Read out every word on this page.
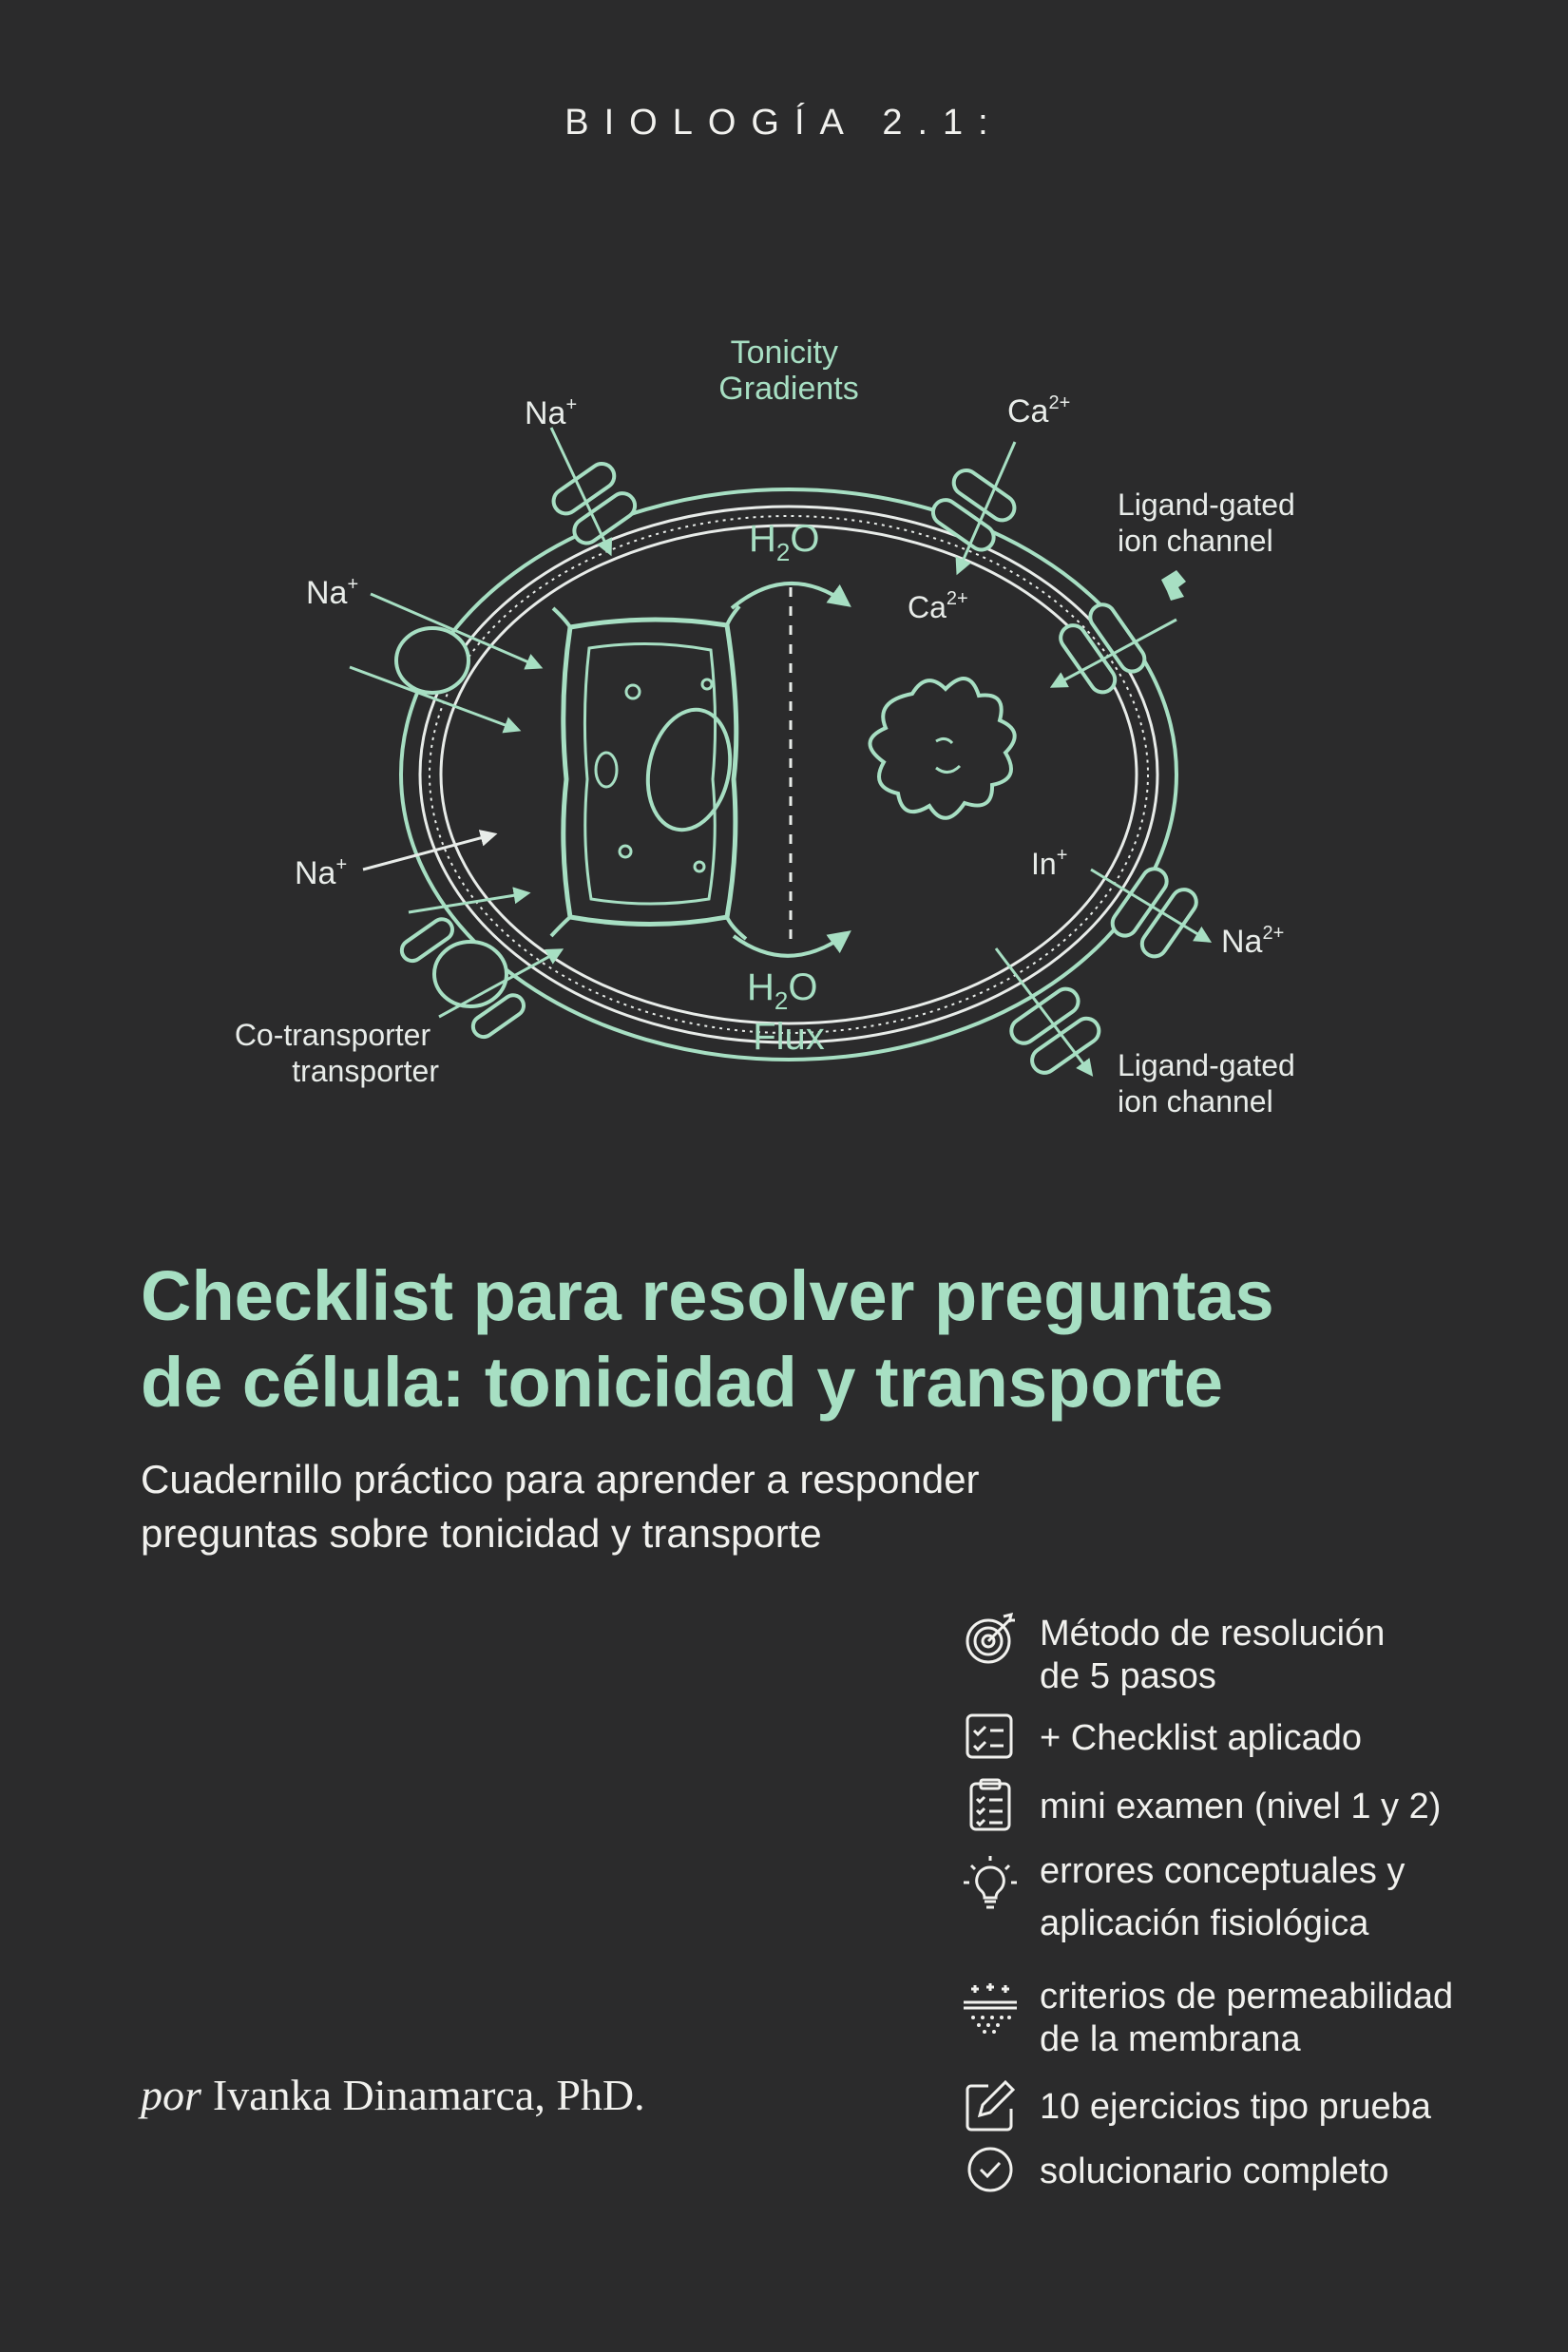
BIOLOGÍA 2.1:
Tonicity Gradients
Na+	$Ca^{2+}$
Ligand-gated ion channel
Na+
$Ca^{2+}$
$H_2O$
Na+	In+
$Na^{2+}$
Co-transporter transporter
$H_2O$
Flux
Ligand-gated ion channel
Checklist para resolver preguntas
de célula: tonicidad y transporte
Cuadernillo práctico para aprender a responder
preguntas sobre tonicidad y transporte
por Ivanka Dinamarca, PhD.
Método de resolución
de 5 pasos
+ Checklist aplicado
mini examen (nivel 1 y 2)
errores conceptuales y
aplicación fisiológica
criterios de permeabilidad
de la membrana
10 ejercicios tipo prueba
solucionario completo
